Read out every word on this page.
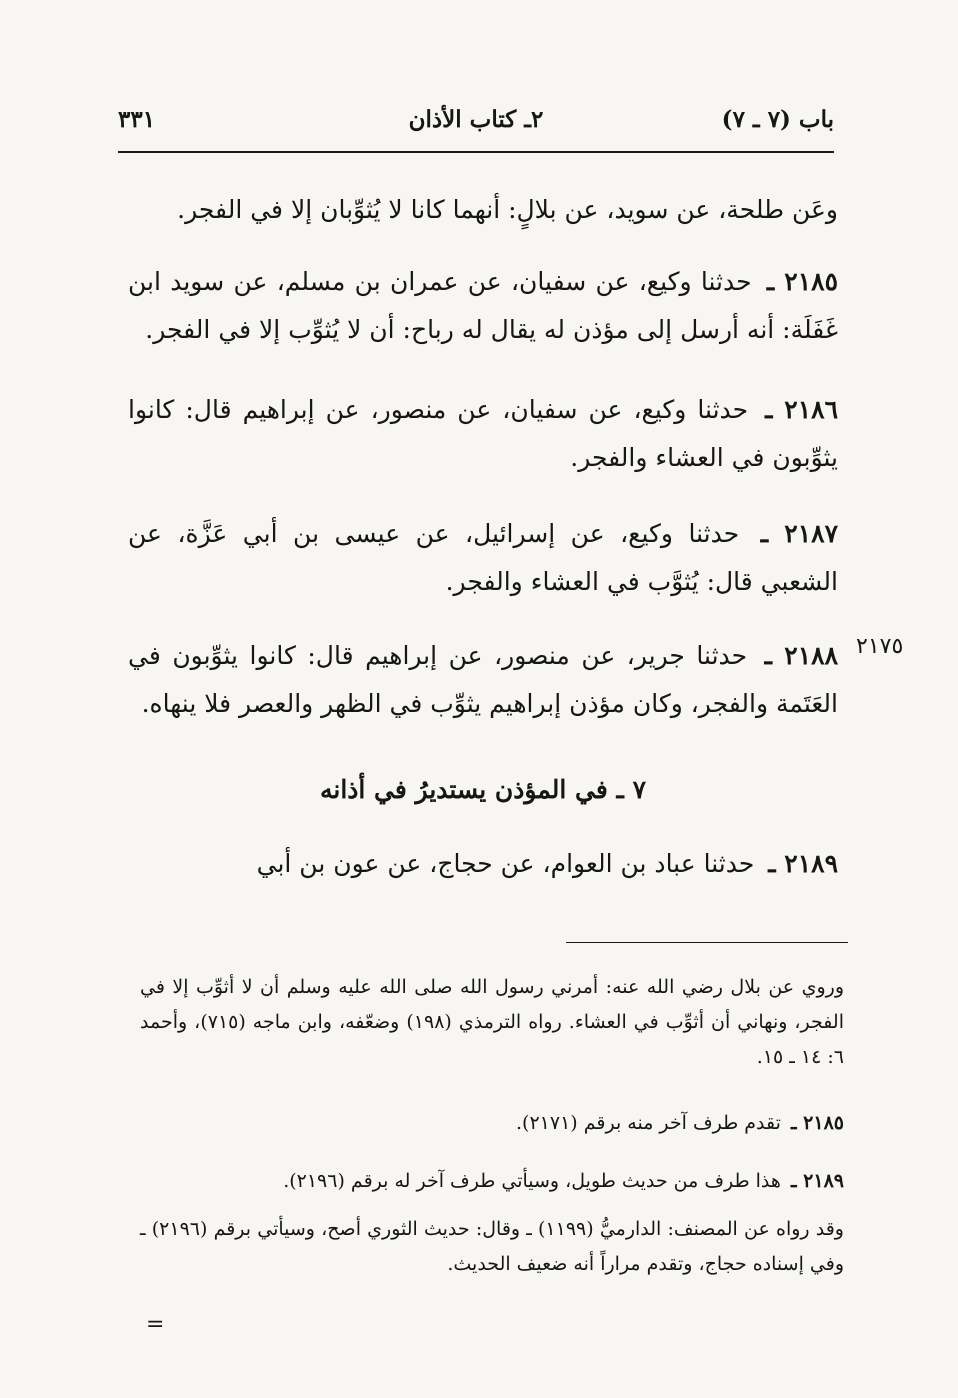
باب (٧ ـ ٧)
٢ـ كتاب الأذان
٣٣١
وعَن طلحة، عن سويد، عن بلالٍ: أنهما كانا لا يُثوِّبان إلا في الفجر.
٢١٨٥ ـ حدثنا وكيع، عن سفيان، عن عمران بن مسلم، عن سويد ابن غَفَلَة: أنه أرسل إلى مؤذن له يقال له رباح: أن لا يُثوِّب إلا في الفجر.
٢١٨٦ ـ حدثنا وكيع، عن سفيان، عن منصور، عن إبراهيم قال: كانوا يثوِّبون في العشاء والفجر.
٢١٨٧ ـ حدثنا وكيع، عن إسرائيل، عن عيسى بن أبي عَزَّة، عن الشعبي قال: يُثوَّب في العشاء والفجر.
٢١٧٥
٢١٨٨ ـ حدثنا جرير، عن منصور، عن إبراهيم قال: كانوا يثوِّبون في العَتَمة والفجر، وكان مؤذن إبراهيم يثوِّب في الظهر والعصر فلا ينهاه.
٧ ـ في المؤذن يستديرُ في أذانه
٢١٨٩ ـ حدثنا عباد بن العوام، عن حجاج، عن عون بن أبي
وروي عن بلال رضي الله عنه: أمرني رسول الله صلى الله عليه وسلم أن لا أثوِّب إلا في الفجر، ونهاني أن أثوِّب في العشاء. رواه الترمذي (١٩٨) وضعّفه، وابن ماجه (٧١٥)، وأحمد ٦: ١٤ ـ ١٥.
٢١٨٥ ـ تقدم طرف آخر منه برقم (٢١٧١).
٢١٨٩ ـ هذا طرف من حديث طويل، وسيأتي طرف آخر له برقم (٢١٩٦).
وقد رواه عن المصنف: الدارميُّ (١١٩٩) ـ وقال: حديث الثوري أصح، وسيأتي برقم (٢١٩٦) ـ وفي إسناده حجاج، وتقدم مراراً أنه ضعيف الحديث.
=
